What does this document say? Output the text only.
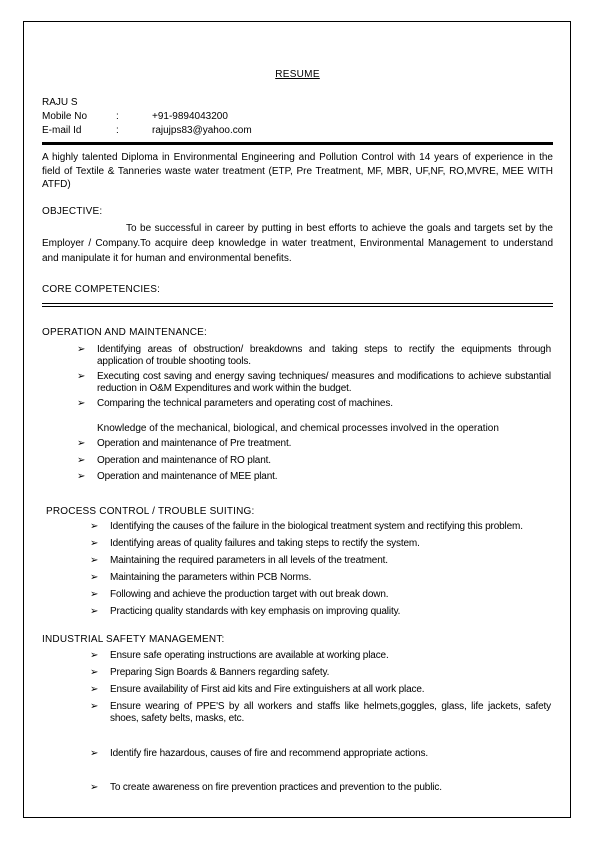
RESUME
RAJU S
Mobile No	:	+91-9894043200
E-mail Id	:	rajujps83@yahoo.com
A highly talented Diploma in Environmental Engineering and Pollution Control with 14 years of experience in the field of Textile & Tanneries waste water treatment (ETP, Pre Treatment, MF, MBR, UF,NF, RO,MVRE, MEE WITH ATFD)
OBJECTIVE:
To be successful in career by putting in best efforts to achieve the goals and targets set by the Employer / Company.To acquire deep knowledge in water treatment, Environmental Management to understand and manipulate it for human and environmental benefits.
CORE COMPETENCIES:
OPERATION AND MAINTENANCE:
➢ Identifying areas of obstruction/ breakdowns and taking steps to rectify the equipments through application of trouble shooting tools.
➢ Executing cost saving and energy saving techniques/ measures and modifications to achieve substantial reduction in O&M Expenditures and work within the budget.
➢ Comparing the technical parameters and operating cost of machines.
Knowledge of the mechanical, biological, and chemical processes involved in the operation
➢ Operation and maintenance of Pre treatment.
➢ Operation and maintenance of RO plant.
➢ Operation and maintenance of MEE plant.
PROCESS CONTROL / TROUBLE SUITING:
➢ Identifying the causes of the failure in the biological treatment system and rectifying this problem.
➢ Identifying areas of quality failures and taking steps to rectify the system.
➢ Maintaining the required parameters in all levels of the treatment.
➢ Maintaining the parameters within PCB Norms.
➢ Following and achieve the production target with out break down.
➢ Practicing quality standards with key emphasis on improving quality.
INDUSTRIAL SAFETY MANAGEMENT:
➢ Ensure safe operating instructions are available at working place.
➢ Preparing Sign Boards & Banners regarding safety.
➢ Ensure availability of First aid kits and Fire extinguishers at all work place.
➢ Ensure wearing of PPE'S by all workers and staffs like helmets,goggles, glass, life jackets, safety shoes, safety belts, masks, etc.
➢ Identify fire hazardous, causes of fire and recommend appropriate actions.
➢ To create awareness on fire prevention practices and prevention to the public.
